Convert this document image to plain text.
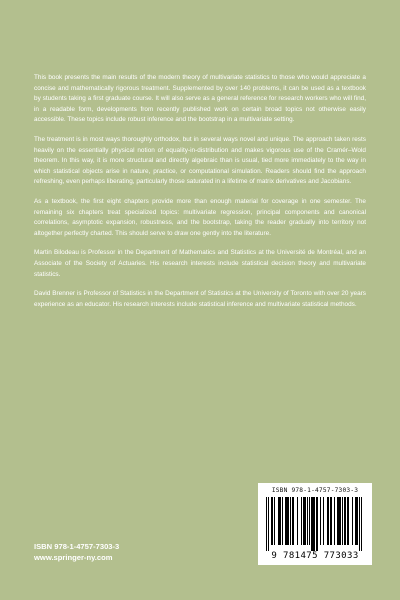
This book presents the main results of the modern theory of multivariate statistics to those who would appreciate a concise and mathematically rigorous treatment. Supplemented by over 140 problems, it can be used as a textbook by students taking a first graduate course. It will also serve as a general reference for research workers who will find, in a readable form, developments from recently published work on certain broad topics not otherwise easily accessible. These topics include robust inference and the bootstrap in a multivariate setting.

The treatment is in most ways thoroughly orthodox, but in several ways novel and unique. The approach taken rests heavily on the essentially physical notion of equality-in-distribution and makes vigorous use of the Cramér–Wold theorem. In this way, it is more structural and directly algebraic than is usual, tied more immediately to the way in which statistical objects arise in nature, practice, or computational simulation. Readers should find the approach refreshing, even perhaps liberating, particularly those saturated in a lifetime of matrix derivatives and Jacobians.

As a textbook, the first eight chapters provide more than enough material for coverage in one semester. The remaining six chapters treat specialized topics: multivariate regression, principal components and canonical correlations, asymptotic expansion, robustness, and the bootstrap, taking the reader gradually into territory not altogether perfectly charted. This should serve to draw one gently into the literature.

Martin Bilodeau is Professor in the Department of Mathematics and Statistics at the Université de Montréal, and an Associate of the Society of Actuaries. His research interests include statistical decision theory and multivariate statistics.

David Brenner is Professor of Statistics in the Department of Statistics at the University of Toronto with over 20 years experience as an educator. His research interests include statistical inference and multivariate statistical methods.

ISBN 978-1-4757-7303-3
9 781475 773033
ISBN 978-1-4757-7303-3
www.springer-ny.com
